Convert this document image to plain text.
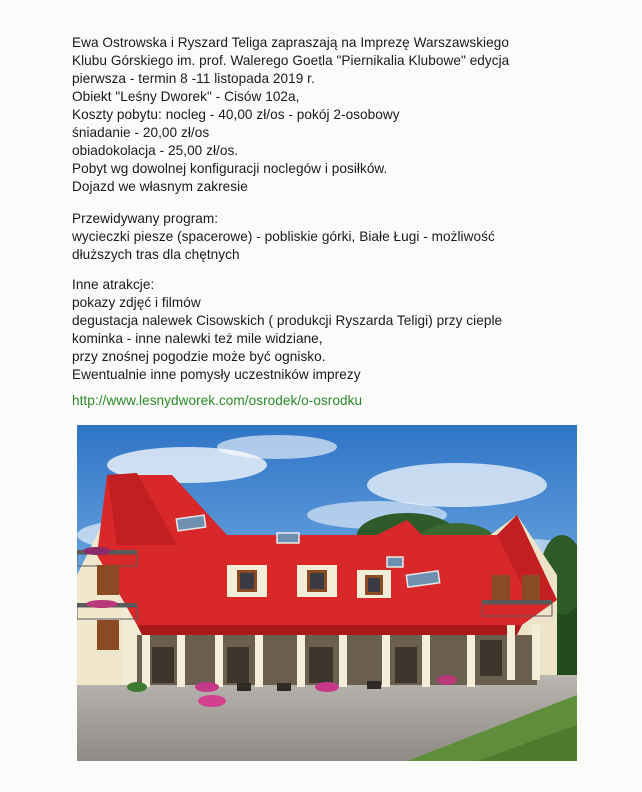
Ewa Ostrowska i Ryszard Teliga zapraszają na Imprezę Warszawskiego
Klubu Górskiego im. prof. Walerego Goetla "Piernikalia Klubowe" edycja
pierwsza - termin 8 -11 listopada 2019 r.
Obiekt "Leśny Dworek" - Cisów 102a,
Koszty pobytu: nocleg - 40,00 zł/os - pokój 2-osobowy
śniadanie - 20,00 zł/os
obiadokolacja - 25,00 zł/os.
Pobyt wg dowolnej konfiguracji noclegów i posiłków.
Dojazd we własnym zakresie
Przewidywany program:
wycieczki piesze (spacerowe) - pobliskie górki, Białe Ługi - możliwość
dłuższych tras dla chętnych
Inne atrakcje:
pokazy zdjęć i filmów
degustacja nalewek Cisowskich ( produkcji Ryszarda Teligi) przy cieple
kominka - inne nalewki też mile widziane,
przy znośnej pogodzie może być ognisko.
Ewentualnie inne pomysły uczestników imprezy
http://www.lesnydworek.com/osrodek/o-osrodku
